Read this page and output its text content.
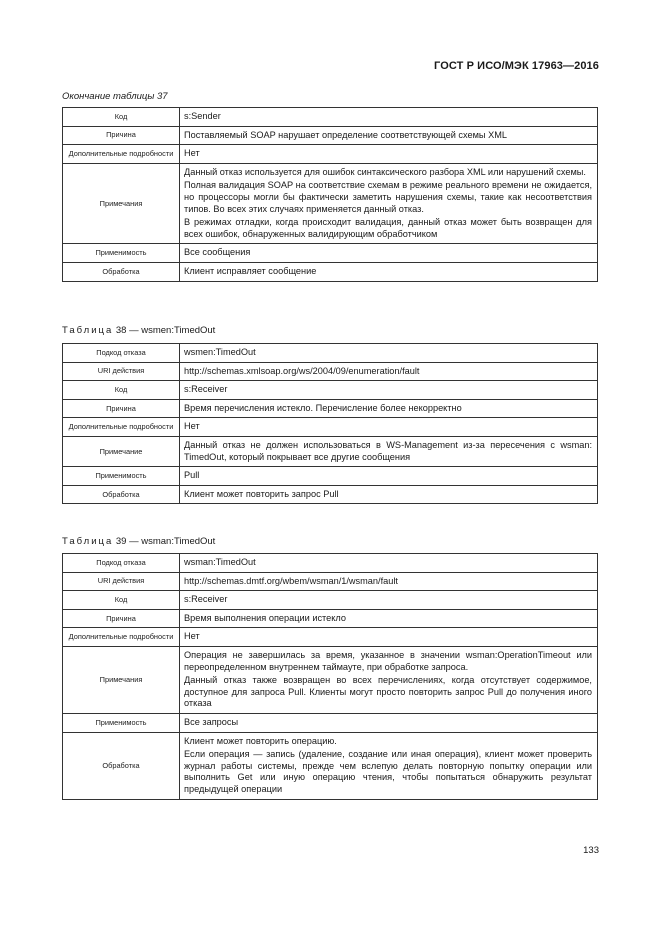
ГОСТ Р ИСО/МЭК 17963—2016
Окончание таблицы 37
Код	s:Sender

Причина	Поставляемый SOAP нарушает определение соответствующей схемы XML

Дополнительные подробности	Нет

Примечания	Данный отказ используется для ошибок синтаксического разбора XML или нарушений схемы.

Полная валидация SOAP на соответствие схемам в режиме реального времени не ожидается, но процессоры могли бы фактически заметить нарушения схемы, такие как несоответствия типов. Во всех этих случаях применяется данный отказ.

В режимах отладки, когда происходит валидация, данный отказ может быть возвращен для всех ошибок, обнаруженных валидирующим обработчиком

Применимость	Все сообщения

Обработка	Клиент исправляет сообщение

Таблица 38 — wsmen:TimedOut
Подкод отказа	wsmen:TimedOut

URI действия	http://schemas.xmlsoap.org/ws/2004/09/enumeration/fault

Код	s:Receiver

Причина	Время перечисления истекло. Перечисление более некорректно

Дополнительные подробности	Нет

Примечание	Данный отказ не должен использоваться в WS-Management из-за пересечения с wsman: TimedOut, который покрывает все другие сообщения

Применимость	Pull

Обработка	Клиент может повторить запрос Pull

Таблица 39 — wsman:TimedOut
Подкод отказа	wsman:TimedOut

URI действия	http://schemas.dmtf.org/wbem/wsman/1/wsman/fault

Код	s:Receiver

Причина	Время выполнения операции истекло

Дополнительные подробности	Нет

Примечания	Операция не завершилась за время, указанное в значении wsman:OperationTimeout или переопределенном внутреннем таймауте, при обработке запроса.

Данный отказ также возвращен во всех перечислениях, когда отсутствует содержимое, доступное для запроса Pull. Клиенты могут просто повторить запрос Pull до получения иного отказа

Применимость	Все запросы

Обработка	Клиент может повторить операцию.

Если операция — запись (удаление, создание или иная операция), клиент может проверить журнал работы системы, прежде чем вслепую делать повторную попытку операции или выполнить Get или иную операцию чтения, чтобы попытаться обнаружить результат предыдущей операции

133
